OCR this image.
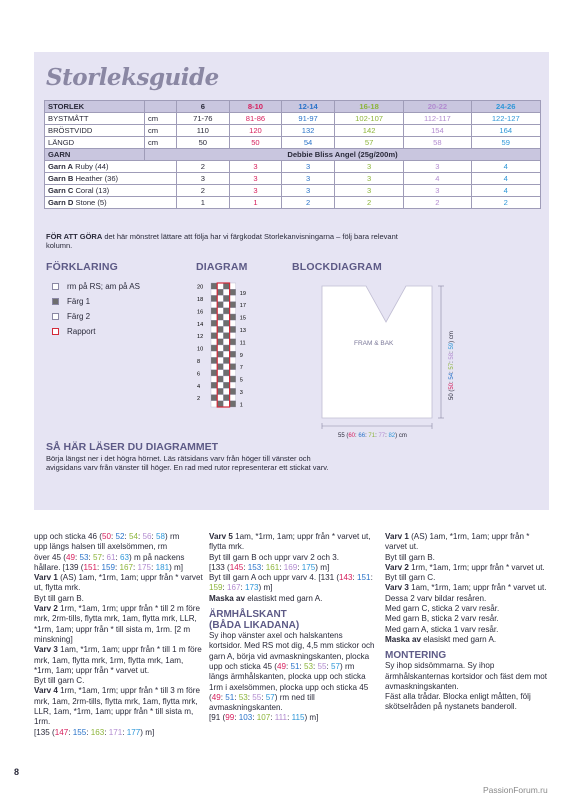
Storleksguide
STORLEK		6	8-10	12-14	16-18	20-22	24-26
BYSTMÅTT	cm	71-76	81-86	91-97	102-107	112-117	122-127
BRÖSTVIDD	cm	110	120	132	142	154	164
LÄNGD	cm	50	50	54	57	58	59
GARN	Debbie Bliss Angel (25g/200m)						
Garn A Ruby (44)		2	3	3	3	3	4
Garn B Heather (36)		3	3	3	3	4	4
Garn C Coral (13)		2	3	3	3	3	4
Garn D Stone (5)		1	1	2	2	2	2
FÖR ATT GÖRA det här mönstret lättare att följa har vi färgkodat Storlekanvisningarna – följ bara relevant kolumn.
FÖRKLARING
rm på RS; am på AS
Färg 1
Färg 2
Rapport
DIAGRAM
20
18
16
14
12
10
8
6
4
2
19
17
15
13
11
9
7
5
3
1
BLOCKDIAGRAM
FRAM & BAK
55 (60: 66: 71: 77: 82) cm
50 (50: 54: 57: 58: 59) cm
SÅ HÄR LÄSER DU DIAGRAMMET
Börja längst ner i det högra hörnet. Läs rätsidans varv från höger till vänster och avigsidans varv från vänster till höger. En rad med rutor representerar ett stickat varv.

upp och sticka 46 (50: 52: 54: 56: 58) rm

upp längs halsen till axelsömmen, rm

över 45 (49: 53: 57: 61: 63) m på nackens

hållare. [139 (151: 159: 167: 175: 181) m]

Varv 1 (AS) 1am, *1rm, 1am; uppr från * varvet ut, flytta mrk.

Byt till garn B.

Varv 2 1rm, *1am, 1rm; uppr från * till 2 m före mrk, 2rm-tills, flytta mrk, 1am, flytta mrk, LLR, *1rm, 1am; uppr från * till sista m, 1rm. [2 m minskning]

Varv 3 1am, *1rm, 1am; uppr från * till 1 m före mrk, 1am, flytta mrk, 1rm, flytta mrk, 1am, *1rm, 1am; uppr från * varvet ut.

Byt till garn C.

Varv 4 1rm, *1am, 1rm; uppr från * till 3 m före mrk, 1am, 2rm-tills, flytta mrk, 1am, flytta mrk, LLR, 1am, *1rm, 1am; uppr från * till sista m, 1rm.

[135 (147: 155: 163: 171: 177) m]

Varv 5 1am, *1rm, 1am; uppr från * varvet ut, flytta mrk.

Byt till garn B och uppr varv 2 och 3.

[133 (145: 153: 161: 169: 175) m]

Byt till garn A och uppr varv 4. [131 (143: 151: 159: 167: 173) m]

Maska av elastiskt med garn A.

ÄRMHÅLSKANT

(BÅDA LIKADANA)

Sy ihop vänster axel och halskantens kortsidor. Med RS mot dig, 4,5 mm stickor och garn A, börja vid avmaskningskanten, plocka upp och sticka 45 (49: 51: 53: 55: 57) rm längs ärmhålskanten, plocka upp och sticka 1rm i axelsömmen, plocka upp och sticka 45 (49: 51: 53: 55: 57) rm ned till avmaskningskanten.

[91 (99: 103: 107: 111: 115) m]

Varv 1 (AS) 1am, *1rm, 1am; uppr från * varvet ut.

Byt till garn B.

Varv 2 1rm, *1am, 1rm; uppr från * varvet ut.

Byt till garn C.

Varv 3 1am, *1rm, 1am; uppr från * varvet ut.

Dessa 2 varv bildar resåren.

Med garn C, sticka 2 varv resår.

Med garn B, sticka 2 varv resår.

Med garn A, sticka 1 varv resår.

Maska av elasiskt med garn A.

MONTERING

Sy ihop sidsömmarna. Sy ihop ärmhålskanternas kortsidor och fäst dem mot avmaskningskanten.

Fäst alla trådar. Blocka enligt måtten, följ skötselråden på nystanets banderoll.

8
PassionForum.ru
